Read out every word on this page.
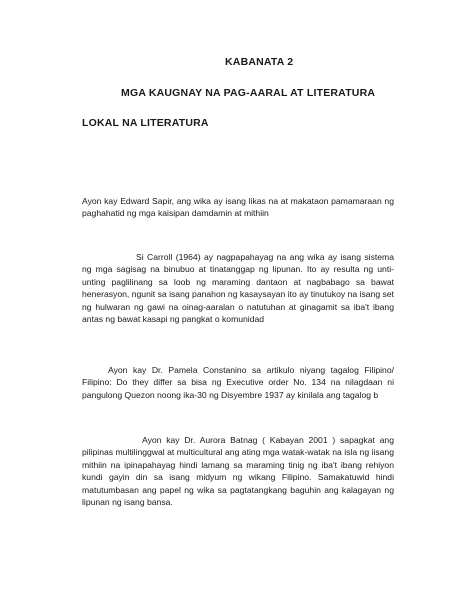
KABANATA 2
MGA KAUGNAY NA PAG-AARAL AT LITERATURA
LOKAL NA LITERATURA

Ayon kay Edward Sapir, ang wika ay isang likas na at makataon pamamaraan ng paghahatid ng mga kaisipan damdamin at mithiin

Si Carroll (1964) ay nagpapahayag na ang wika ay isang sistema ng mga sagisag na binubuo at tinatanggap ng lipunan. Ito ay resulta ng unti-unting paglilinang sa loob ng maraming dantaon at nagbabago sa bawat henerasyon, ngunit sa isang panahon ng kasaysayan ito ay tinutukoy na isang set ng hulwaran ng gawi na oinag-aaralan o natutuhan at ginagamit sa iba't ibang antas ng bawat kasapi ng pangkat o komunidad

Ayon kay Dr. Pamela Constanino sa artikulo niyang tagalog Filipino/ Filipino: Do they differ sa bisa ng Executive order No. 134 na nilagdaan ni pangulong Quezon noong ika-30 ng Disyembre 1937 ay kinilala ang tagalog b

Ayon kay Dr. Aurora Batnag ( Kabayan 2001 ) sapagkat ang pilipinas multilinggwal at multicultural ang ating mga watak-watak na isla ng iisang mithiin na ipinapahayag hindi lamang sa maraming tinig ng iba't ibang rehiyon kundi gayin din sa isang midyum ng wikang Filipino. Samakatuwid hindi matutumbasan ang papel ng wika sa pagtatangkang baguhin ang kalagayan ng lipunan ng isang bansa.
